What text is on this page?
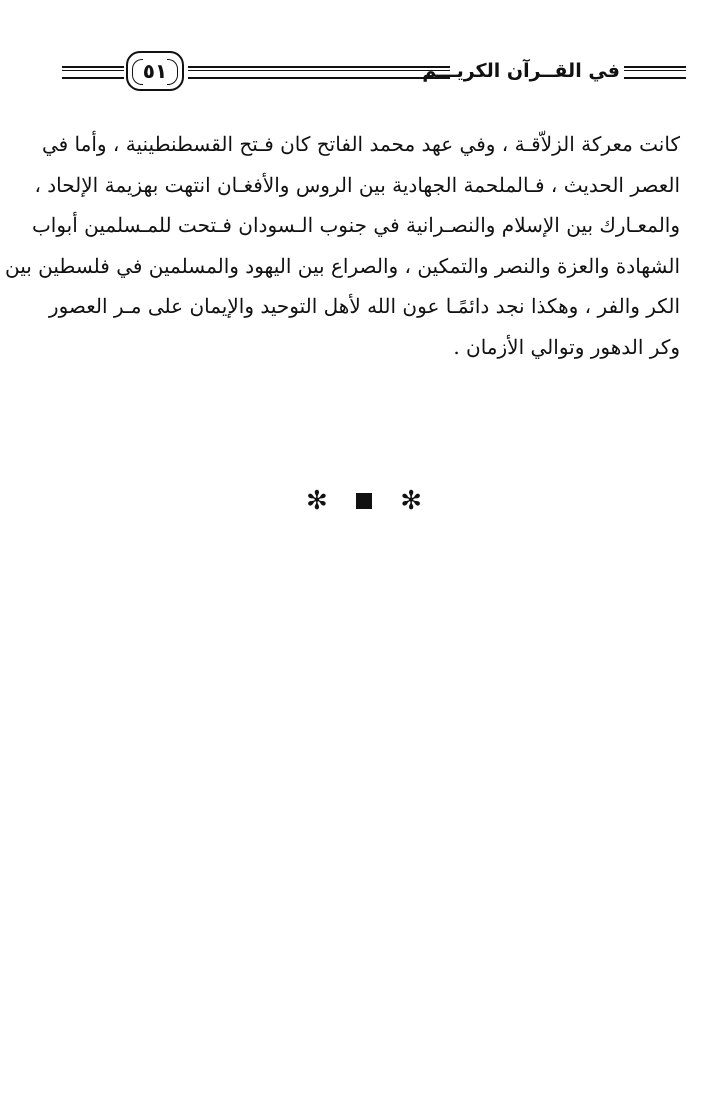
٥١	في القــرآن الكريـــم
كانت معركة الزلاّقـة ، وفي عهد محمد الفاتح كان فـتح القسطنطينية ، وأما في
العصر الحديث ، فـالملحمة الجهادية بين الروس والأفغـان انتهت بهزيمة الإلحاد ،
والمعـارك بين الإسلام والنصـرانية في جنوب الـسودان فـتحت للمـسلمين أبواب
الشهادة والعزة والنصر والتمكين ، والصراع بين اليهود والمسلمين في فلسطين بين
الكر والفر ، وهكذا نجد دائمًـا عون الله لأهل التوحيد والإيمان على مـر العصور
وكر الدهور وتوالي الأزمان .
✻	✻
